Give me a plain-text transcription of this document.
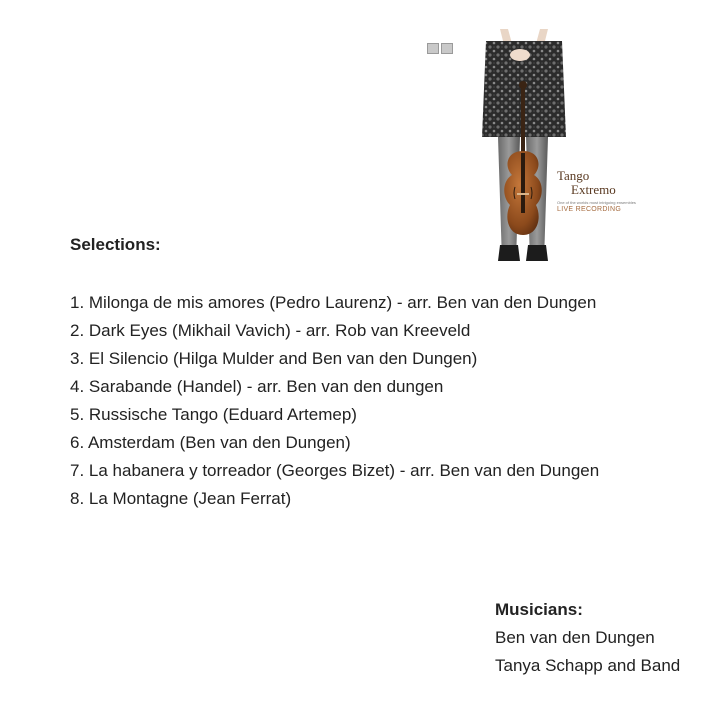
Tango
Extremo
One of the worlds most intriguing ensembles
LIVE RECORDING
Selections:
1. Milonga de mis amores (Pedro Laurenz) - arr. Ben van den Dungen
2. Dark Eyes (Mikhail Vavich) - arr. Rob van Kreeveld
3. El Silencio (Hilga Mulder and Ben van den Dungen)
4. Sarabande (Handel) - arr. Ben van den dungen
5. Russische Tango (Eduard Artemep)
6. Amsterdam (Ben van den Dungen)
7. La habanera y torreador (Georges Bizet) - arr. Ben van den Dungen
8. La Montagne (Jean Ferrat)
Musicians:
Ben van den Dungen
Tanya Schapp and Band
